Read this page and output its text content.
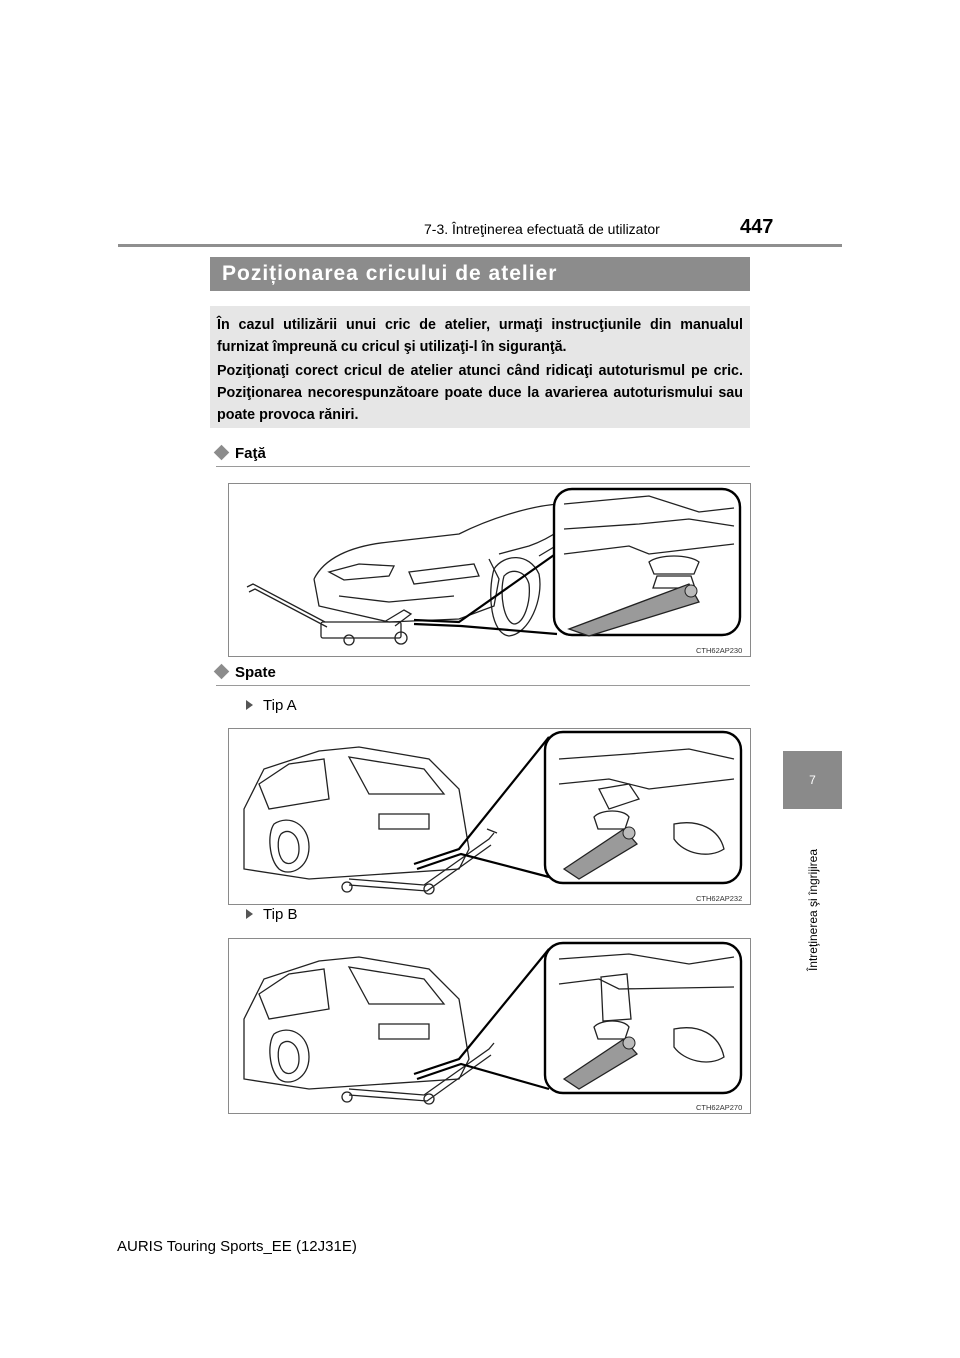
7-3. Întreţinerea efectuată de utilizator	447
7
Întreţinerea şi îngrijirea
Poziționarea cricului de atelier

În cazul utilizării unui cric de atelier, urmaţi instrucţiunile din manualul furnizat împreună cu cricul şi utilizaţi-l în siguranţă.

Poziţionaţi corect cricul de atelier atunci când ridicaţi autoturismul pe cric. Poziţionarea necorespunzătoare poate duce la avarierea autoturismului sau poate provoca răniri.

Faţă
CTH62AP230
Spate
Tip A
CTH62AP232
Tip B
CTH62AP270
AURIS Touring Sports_EE (12J31E)
